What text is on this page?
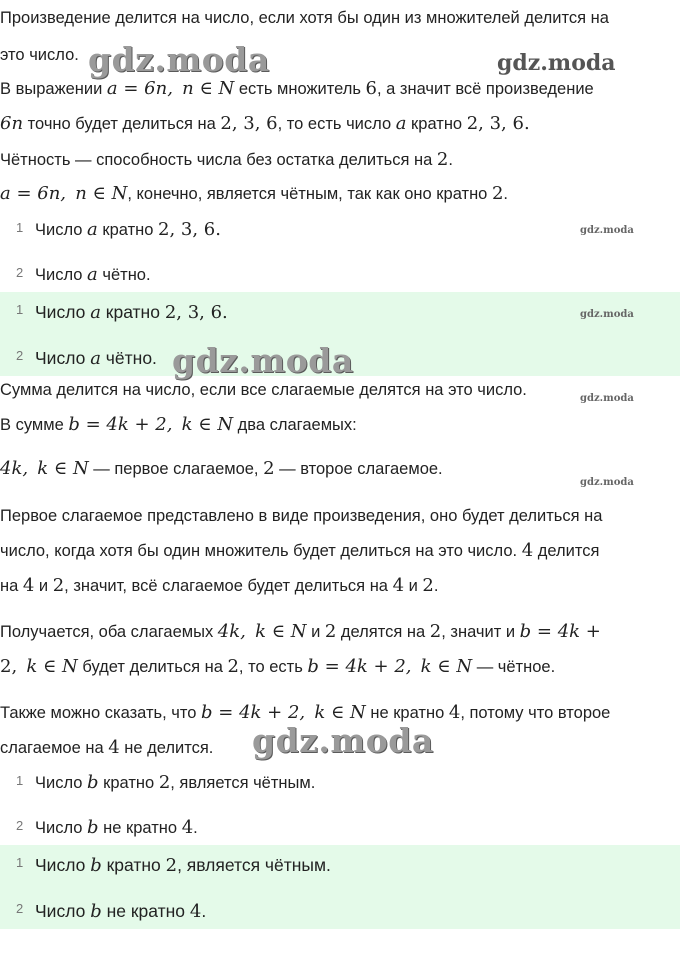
Произведение делится на число, если хотя бы один из множителей делится на
это число.
В выражении a = 6n, n ∈ N есть множитель 6, а значит всё произведение
6n точно будет делиться на 2, 3, 6, то есть число a кратно 2, 3, 6.
Чётность — способность числа без остатка делиться на 2.
a = 6n, n ∈ N, конечно, является чётным, так как оно кратно 2.
1 Число a кратно 2, 3, 6.
2 Число a чётно.
1 Число a кратно 2, 3, 6.
2 Число a чётно.
Сумма делится на число, если все слагаемые делятся на это число.
В сумме b = 4k + 2, k ∈ N два слагаемых:
4k, k ∈ N — первое слагаемое, 2 — второе слагаемое.
Первое слагаемое представлено в виде произведения, оно будет делиться на
число, когда хотя бы один множитель будет делиться на это число. 4 делится
на 4 и 2, значит, всё слагаемое будет делиться на 4 и 2.
Получается, оба слагаемых 4k, k ∈ N и 2 делятся на 2, значит и b = 4k +
2, k ∈ N будет делиться на 2, то есть b = 4k + 2, k ∈ N — чётное.
Также можно сказать, что b = 4k + 2, k ∈ N не кратно 4, потому что второе
слагаемое на 4 не делится.
1 Число b кратно 2, является чётным.
2 Число b не кратно 4.
1 Число b кратно 2, является чётным.
2 Число b не кратно 4.
gdz.moda	gdz.moda
gdz.moda
gdz.moda
gdz.moda
gdz.moda
gdz.moda
gdz.moda
